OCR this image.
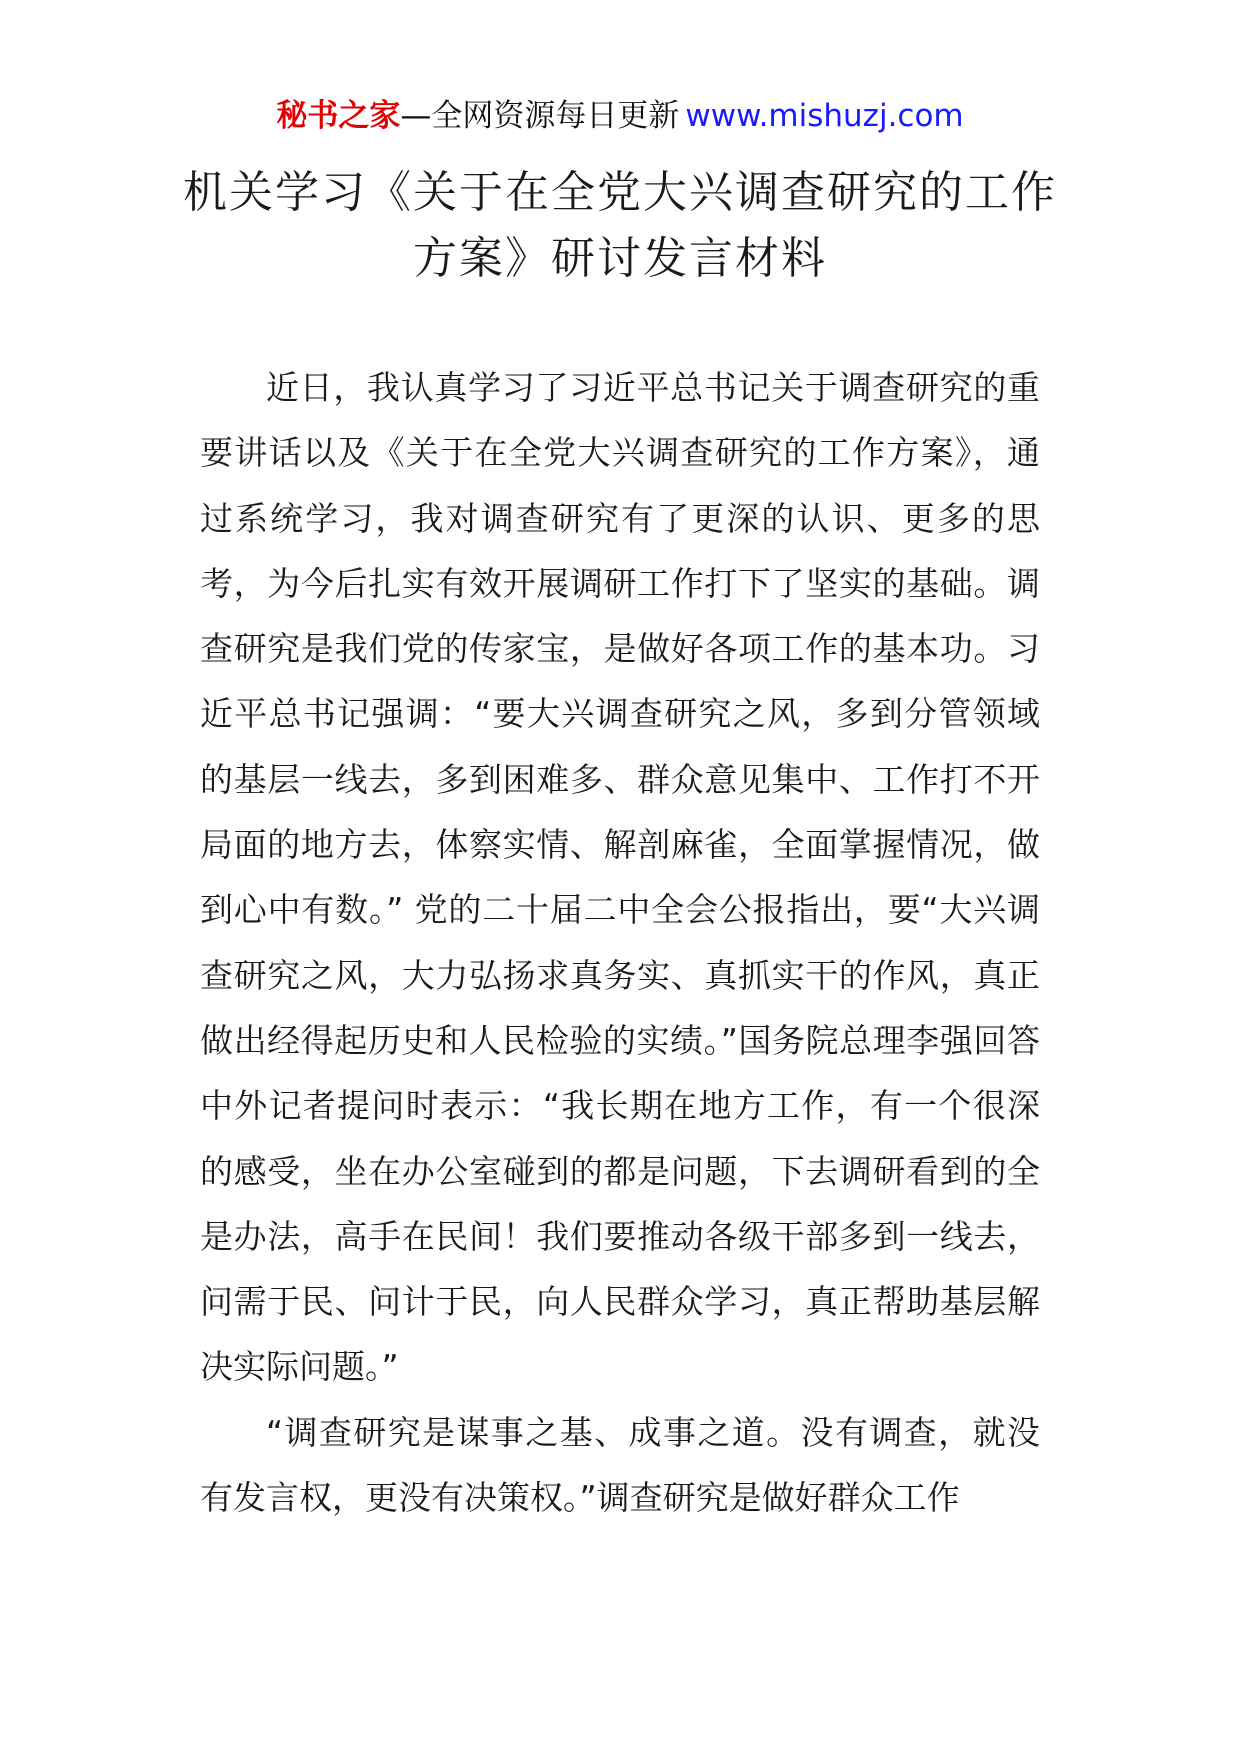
秘书之家—全网资源每日更新 www.mishuzj.com
机关学习《关于在全党大兴调查研究的工作方案》研讨发言材料

近日，我认真学习了习近平总书记关于调查研究的重要讲话以及《关于在全党大兴调查研究的工作方案》，通过系统学习，我对调查研究有了更深的认识、更多的思考，为今后扎实有效开展调研工作打下了坚实的基础。调查研究是我们党的传家宝，是做好各项工作的基本功。习近平总书记强调：“要大兴调查研究之风，多到分管领域的基层一线去，多到困难多、群众意见集中、工作打不开局面的地方去，体察实情、解剖麻雀，全面掌握情况，做到心中有数。” 党的二十届二中全会公报指出，要“大兴调查研究之风，大力弘扬求真务实、真抓实干的作风，真正做出经得起历史和人民检验的实绩。”国务院总理李强回答中外记者提问时表示：“我长期在地方工作，有一个很深的感受，坐在办公室碰到的都是问题，下去调研看到的全是办法，高手在民间！我们要推动各级干部多到一线去，问需于民、问计于民，向人民群众学习，真正帮助基层解决实际问题。”

“调查研究是谋事之基、成事之道。没有调查，就没有发言权，更没有决策权。”调查研究是做好群众工作
